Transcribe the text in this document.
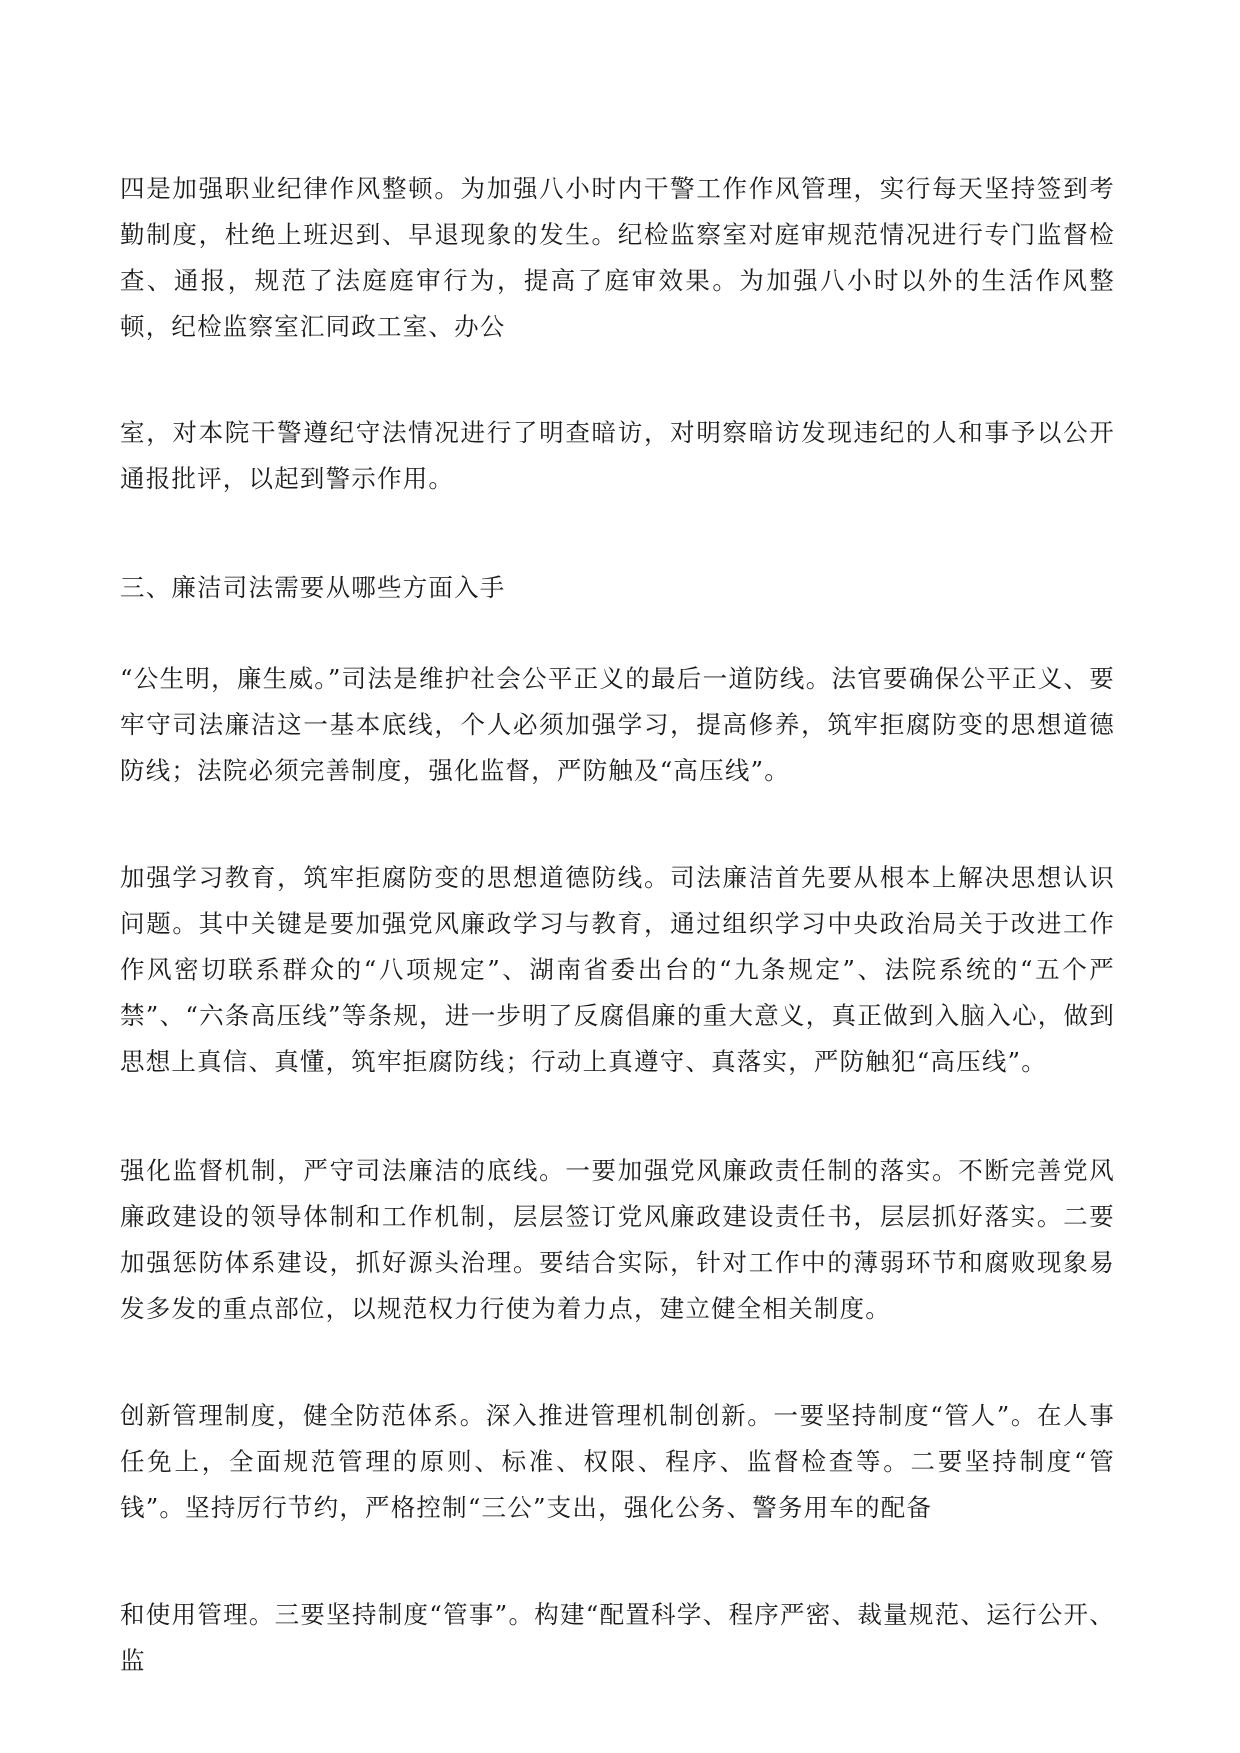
四是加强职业纪律作风整顿。为加强八小时内干警工作作风管理，实行每天坚持签到考勤制度，杜绝上班迟到、早退现象的发生。纪检监察室对庭审规范情况进行专门监督检查、通报，规范了法庭庭审行为，提高了庭审效果。为加强八小时以外的生活作风整顿，纪检监察室汇同政工室、办公

室，对本院干警遵纪守法情况进行了明查暗访，对明察暗访发现违纪的人和事予以公开通报批评，以起到警示作用。

三、廉洁司法需要从哪些方面入手

“公生明，廉生威。”司法是维护社会公平正义的最后一道防线。法官要确保公平正义、要牢守司法廉洁这一基本底线，个人必须加强学习，提高修养，筑牢拒腐防变的思想道德防线；法院必须完善制度，强化监督，严防触及“高压线”。

加强学习教育，筑牢拒腐防变的思想道德防线。司法廉洁首先要从根本上解决思想认识问题。其中关键是要加强党风廉政学习与教育，通过组织学习中央政治局关于改进工作作风密切联系群众的“八项规定”、湖南省委出台的“九条规定”、法院系统的“五个严禁”、“六条高压线”等条规，进一步明了反腐倡廉的重大意义，真正做到入脑入心，做到思想上真信、真懂，筑牢拒腐防线；行动上真遵守、真落实，严防触犯“高压线”。

强化监督机制，严守司法廉洁的底线。一要加强党风廉政责任制的落实。不断完善党风廉政建设的领导体制和工作机制，层层签订党风廉政建设责任书，层层抓好落实。二要加强惩防体系建设，抓好源头治理。要结合实际，针对工作中的薄弱环节和腐败现象易发多发的重点部位，以规范权力行使为着力点，建立健全相关制度。

创新管理制度，健全防范体系。深入推进管理机制创新。一要坚持制度“管人”。在人事任免上，全面规范管理的原则、标准、权限、程序、监督检查等。二要坚持制度“管钱”。坚持厉行节约，严格控制“三公”支出，强化公务、警务用车的配备

和使用管理。三要坚持制度“管事”。构建“配置科学、程序严密、裁量规范、运行公开、监
